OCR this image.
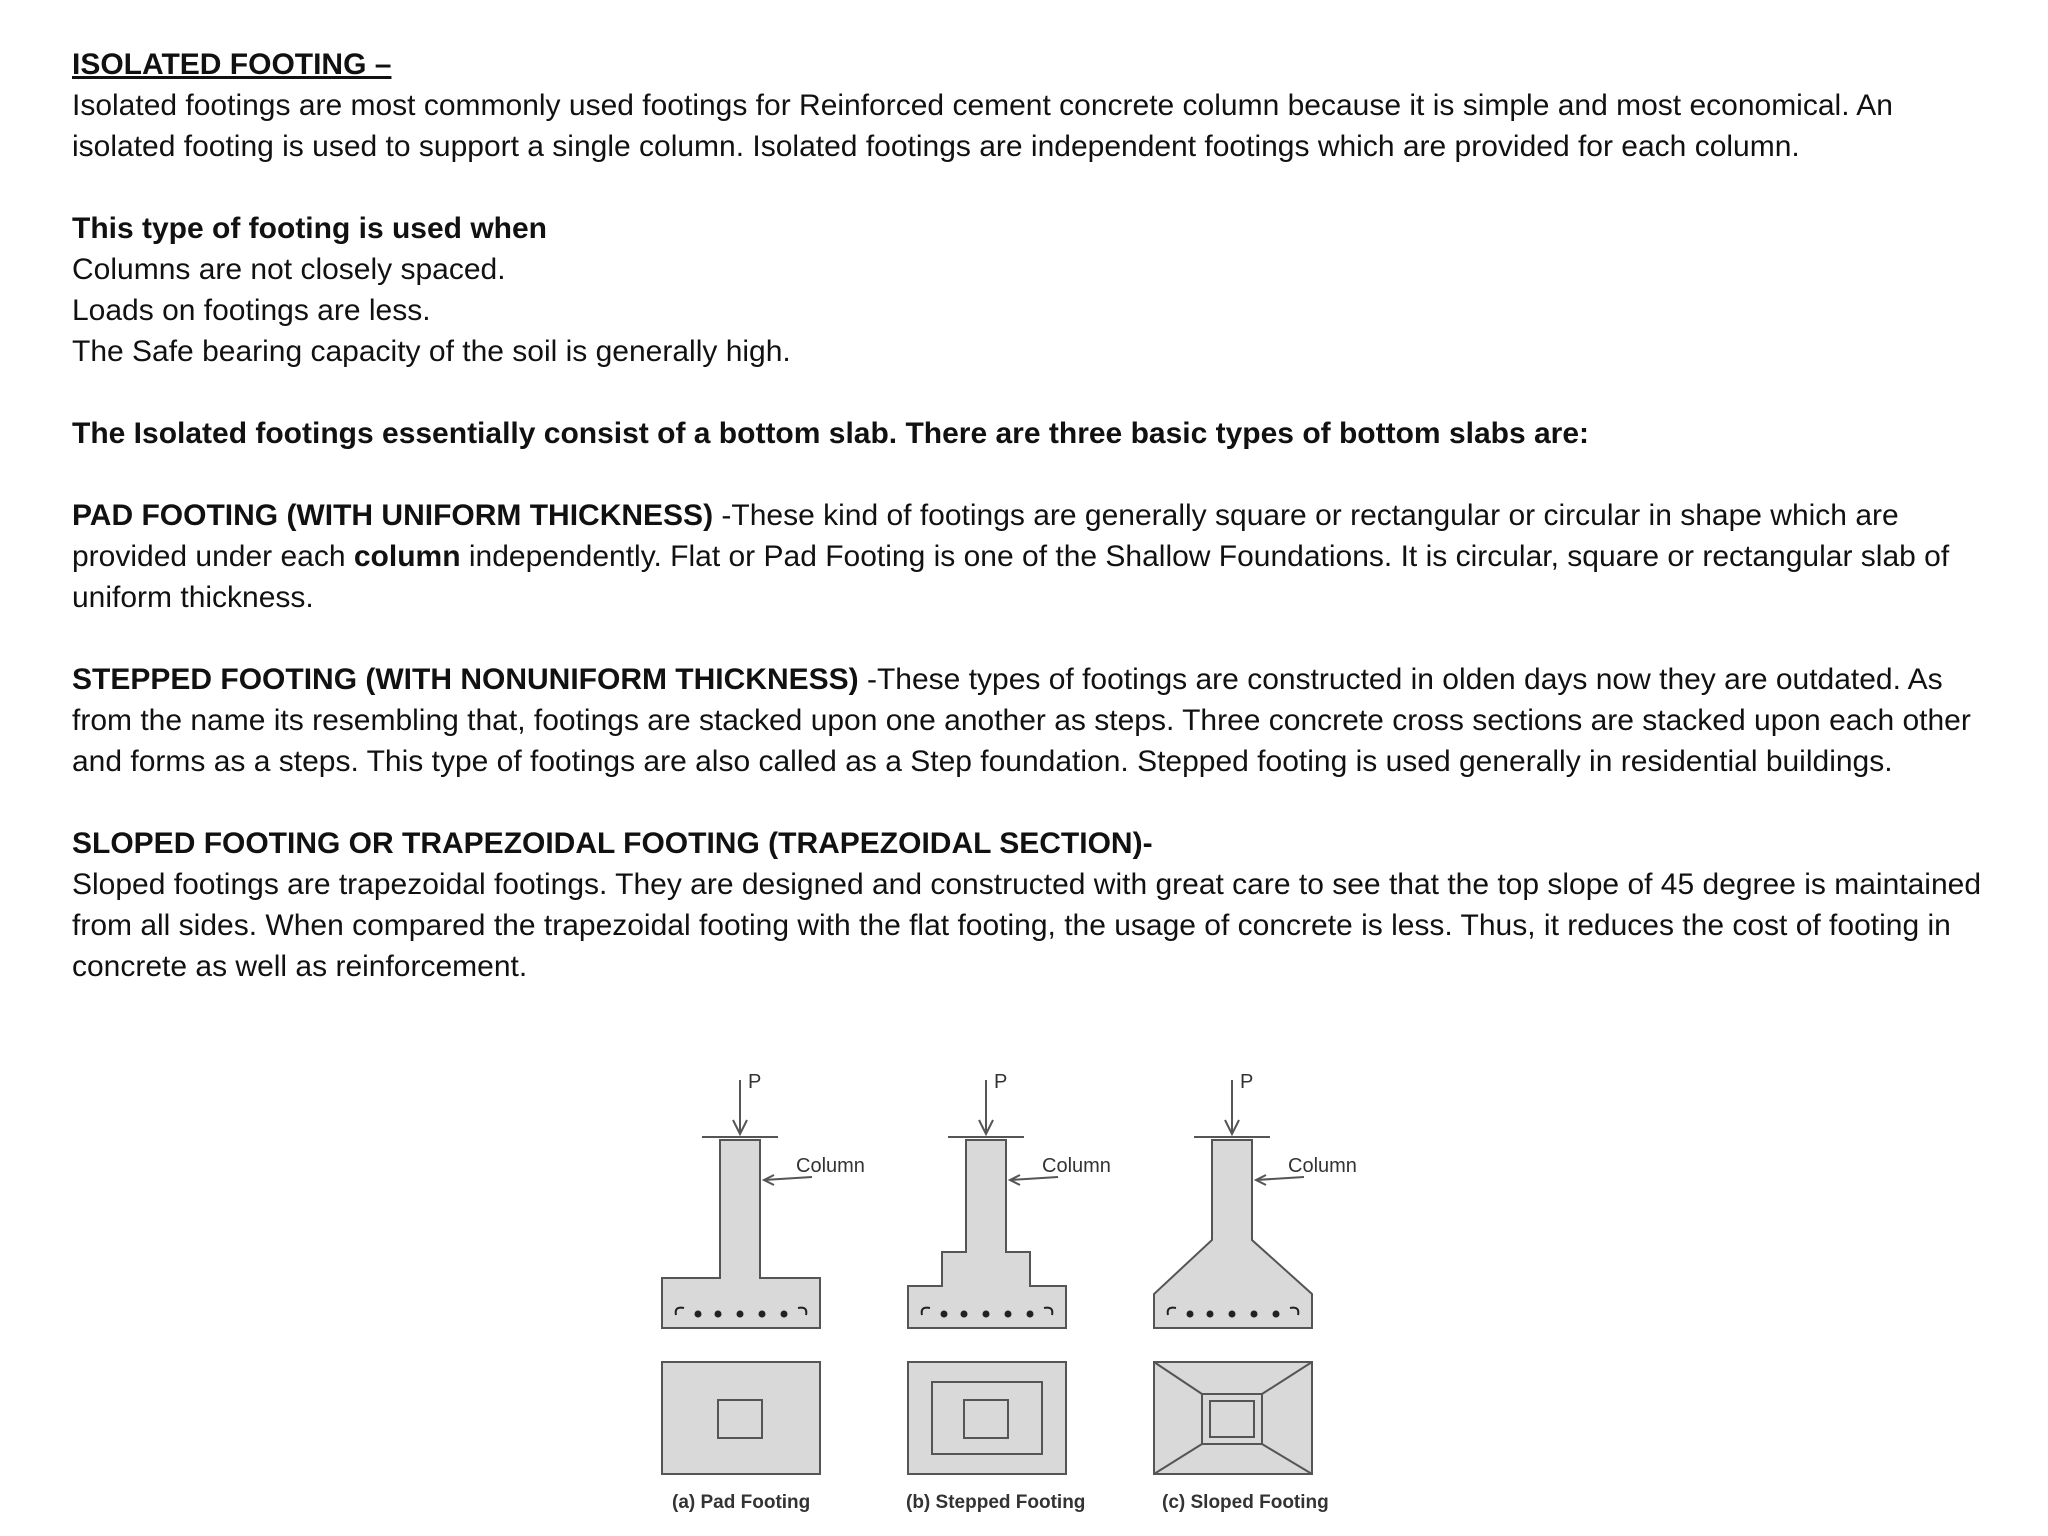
ISOLATED FOOTING –

Isolated footings are most commonly used footings for Reinforced cement concrete column because it is simple and most economical. An isolated footing is used to support a single column. Isolated footings are independent footings which are provided for each column.

This type of footing is used when

Columns are not closely spaced.

Loads on footings are less.

The Safe bearing capacity of the soil is generally high.

The Isolated footings essentially consist of a bottom slab. There are three basic types of bottom slabs are:

PAD FOOTING (WITH UNIFORM THICKNESS) -These kind of footings are generally square or rectangular or circular in shape which are provided under each column independently. Flat or Pad Footing is one of the Shallow Foundations. It is circular, square or rectangular slab of uniform thickness.

STEPPED FOOTING (WITH NONUNIFORM THICKNESS) -These types of footings are constructed in olden days now they are outdated. As from the name its resembling that, footings are stacked upon one another as steps. Three concrete cross sections are stacked upon each other and forms as a steps. This type of footings are also called as a Step foundation. Stepped footing is used generally in residential buildings.

SLOPED FOOTING OR TRAPEZOIDAL FOOTING (TRAPEZOIDAL SECTION)-

Sloped footings are trapezoidal footings. They are designed and constructed with great care to see that the top slope of 45 degree is maintained from all sides. When compared the trapezoidal footing with the flat footing, the usage of concrete is less. Thus, it reduces the cost of footing in concrete as well as reinforcement.

P
Column
(a) Pad Footing
P
Column
(b) Stepped Footing
P
Column
(c) Sloped Footing
